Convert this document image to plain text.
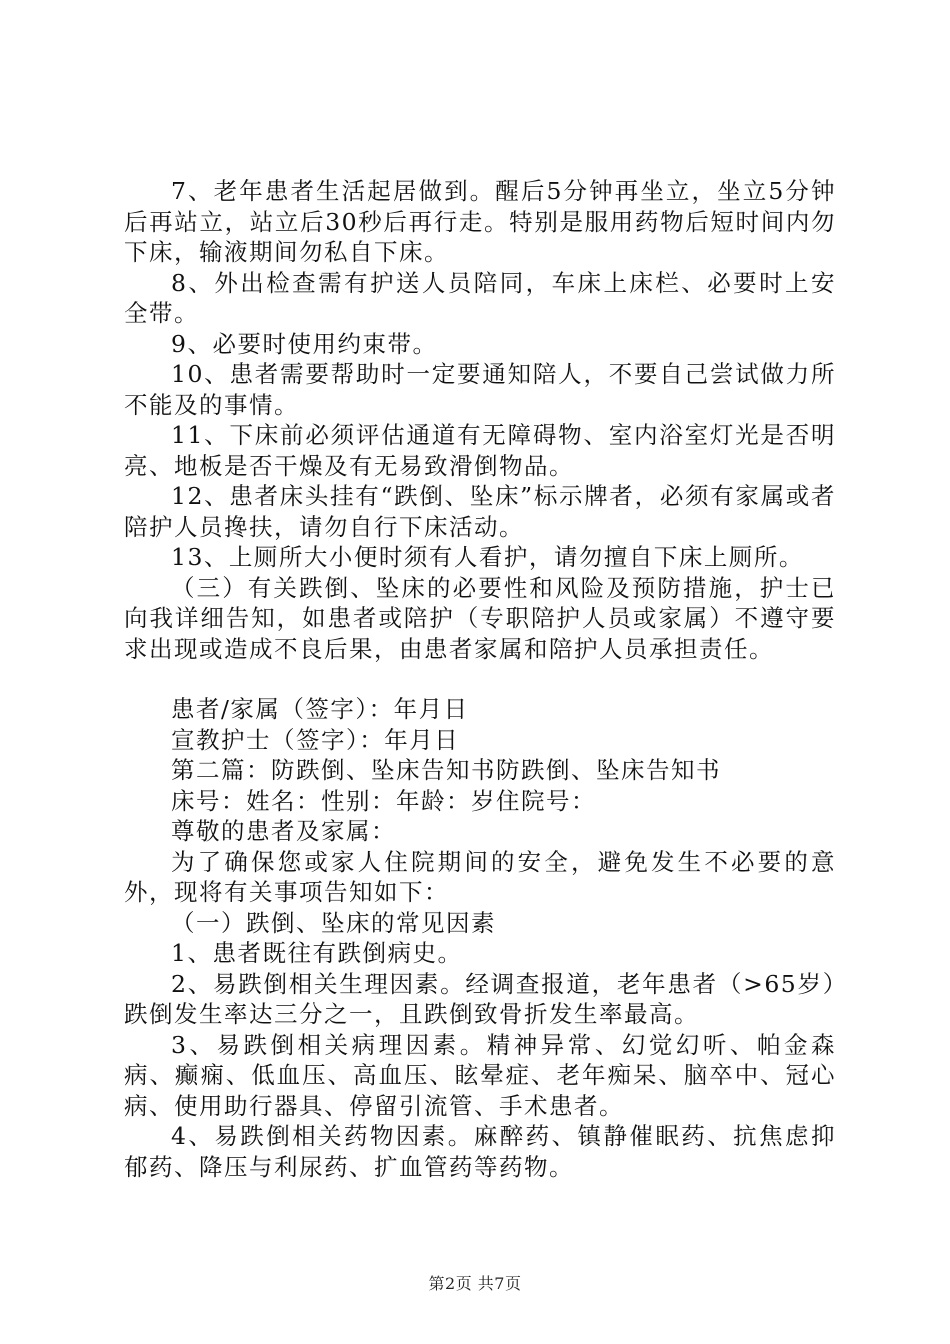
7、老年患者生活起居做到。醒后5分钟再坐立，坐立5分钟后再站立，站立后30秒后再行走。特别是服用药物后短时间内勿下床，输液期间勿私自下床。

8、外出检查需有护送人员陪同，车床上床栏、必要时上安全带。

9、必要时使用约束带。

10、患者需要帮助时一定要通知陪人，不要自己尝试做力所不能及的事情。

11、下床前必须评估通道有无障碍物、室内浴室灯光是否明亮、地板是否干燥及有无易致滑倒物品。

12、患者床头挂有“跌倒、坠床”标示牌者，必须有家属或者陪护人员搀扶，请勿自行下床活动。

13、上厕所大小便时须有人看护，请勿擅自下床上厕所。

（三）有关跌倒、坠床的必要性和风险及预防措施，护士已向我详细告知，如患者或陪护（专职陪护人员或家属）不遵守要求出现或造成不良后果，由患者家属和陪护人员承担责任。

患者/家属（签字）：年月日

宣教护士（签字）：年月日

第二篇：防跌倒、坠床告知书防跌倒、坠床告知书

床号：姓名：性别：年龄：岁住院号：

尊敬的患者及家属：

为了确保您或家人住院期间的安全，避免发生不必要的意外，现将有关事项告知如下：

（一）跌倒、坠床的常见因素

1、患者既往有跌倒病史。

2、易跌倒相关生理因素。经调查报道，老年患者（>65岁）跌倒发生率达三分之一，且跌倒致骨折发生率最高。

3、易跌倒相关病理因素。精神异常、幻觉幻听、帕金森病、癫痫、低血压、高血压、眩晕症、老年痴呆、脑卒中、冠心病、使用助行器具、停留引流管、手术患者。

4、易跌倒相关药物因素。麻醉药、镇静催眠药、抗焦虑抑郁药、降压与利尿药、扩血管药等药物。

第2页 共7页
